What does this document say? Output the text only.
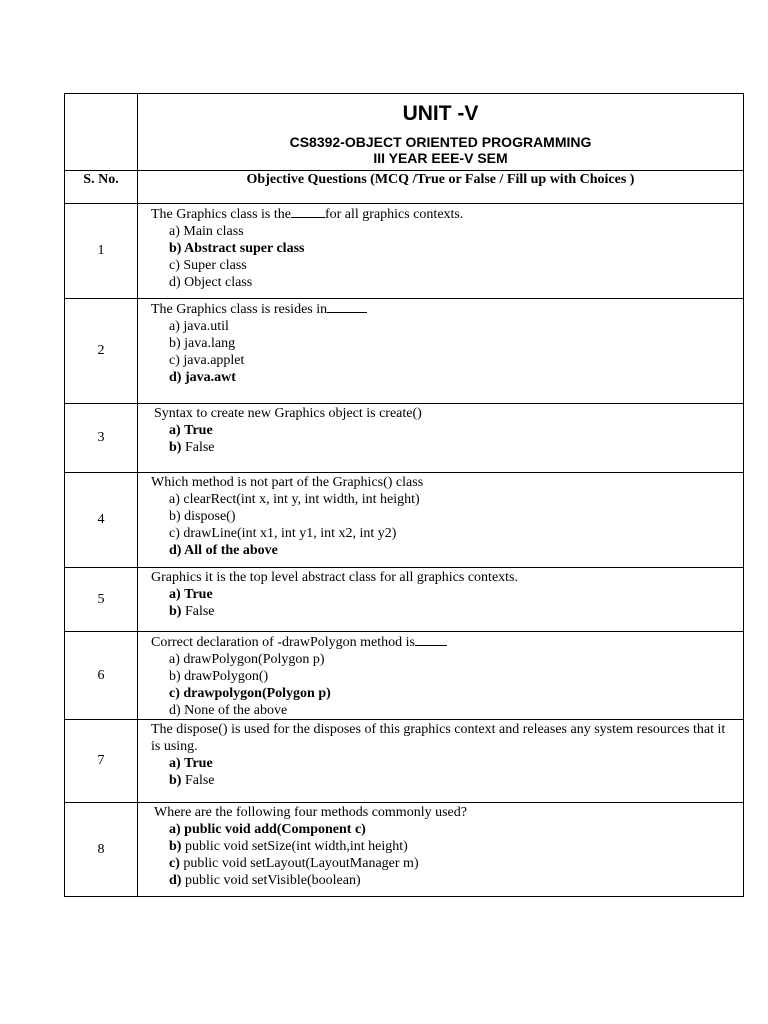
	UNIT -V
CS8392-OBJECT ORIENTED PROGRAMMING
III YEAR EEE-V SEM

S. No.	Objective Questions (MCQ /True or False / Fill up with Choices )
1	The Graphics class is the for all graphics contexts.
a) Main class
b) Abstract super class
c) Super class
d) Object class

2	The Graphics class is resides in
a) java.util
b) java.lang
c) java.applet
d) java.awt

3	Syntax to create new Graphics object is create()
a) True
b) False

4	Which method is not part of the Graphics() class
a) clearRect(int x, int y, int width, int height)
b) dispose()
c) drawLine(int x1, int y1, int x2, int y2)
d) All of the above

5	Graphics it is the top level abstract class for all graphics contexts.
a) True
b) False

6	Correct declaration of -drawPolygon method is
a) drawPolygon(Polygon p)
b) drawPolygon()
c) drawpolygon(Polygon p)
d) None of the above

7	The dispose() is used for the disposes of this graphics context and releases any system resources that it is using.
a) True
b) False

8	Where are the following four methods commonly used?
a) public void add(Component c)
b) public void setSize(int width,int height)
c) public void setLayout(LayoutManager m)
d) public void setVisible(boolean)
